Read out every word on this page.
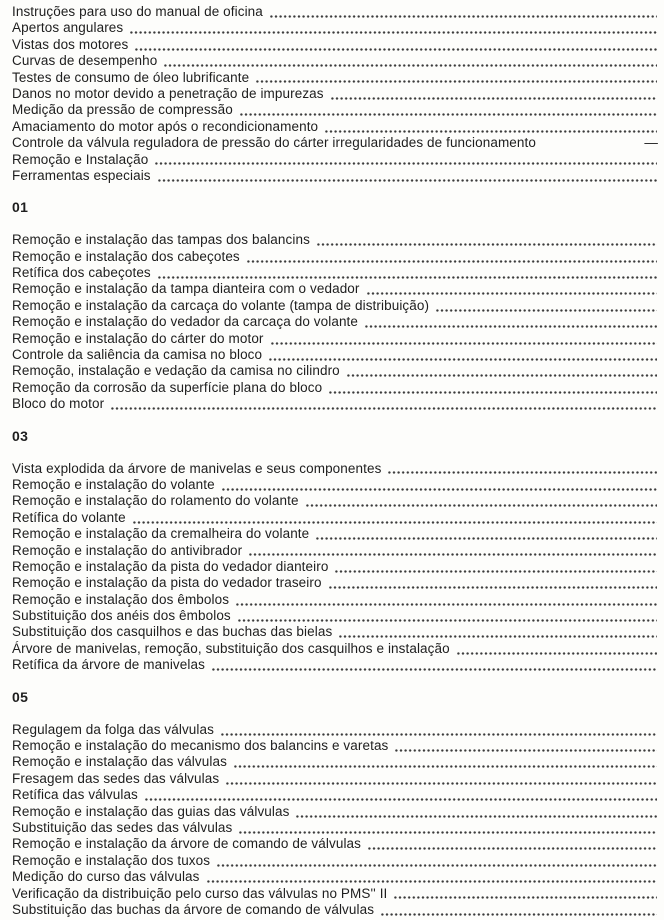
Instruções para uso do manual de oficina
Apertos angulares
Vistas dos motores
Curvas de desempenho
Testes de consumo de óleo lubrificante
Danos no motor devido a penetração de impurezas
Medição da pressão de compressão
Amaciamento do motor após o recondicionamento
Controle da válvula reguladora de pressão do cárter irregularidades de funcionamento	—
Remoção e Instalação
Ferramentas especiais
01
Remoção e instalação das tampas dos balancins
Remoção e instalação dos cabeçotes
Retífica dos cabeçotes
Remoção e instalação da tampa dianteira com o vedador
Remoção e instalação da carcaça do volante (tampa de distribuição)
Remoção e instalação do vedador da carcaça do volante
Remoção e instalação do cárter do motor
Controle da saliência da camisa no bloco
Remoção, instalação e vedação da camisa no cilindro
Remoção da corrosão da superfície plana do bloco
Bloco do motor
03
Vista explodida da árvore de manivelas e seus componentes
Remoção e instalação do volante
Remoção e instalação do rolamento do volante
Retífica do volante
Remoção e instalação da cremalheira do volante
Remoção e instalação do antivibrador
Remoção e instalação da pista do vedador dianteiro
Remoção e instalação da pista do vedador traseiro
Remoção e instalação dos êmbolos
Substituição dos anéis dos êmbolos
Substituição dos casquilhos e das buchas das bielas
Árvore de manivelas, remoção, substituição dos casquilhos e instalação
Retífica da árvore de manivelas
05
Regulagem da folga das válvulas
Remoção e instalação do mecanismo dos balancins e varetas
Remoção e instalação das válvulas
Fresagem das sedes das válvulas
Retífica das válvulas
Remoção e instalação das guias das válvulas
Substituição das sedes das válvulas
Remoção e instalação da árvore de comando de válvulas
Remoção e instalação dos tuxos
Medição do curso das válvulas
Verificação da distribuição pelo curso das válvulas no PMS'' II
Substituição das buchas da árvore de comando de válvulas
